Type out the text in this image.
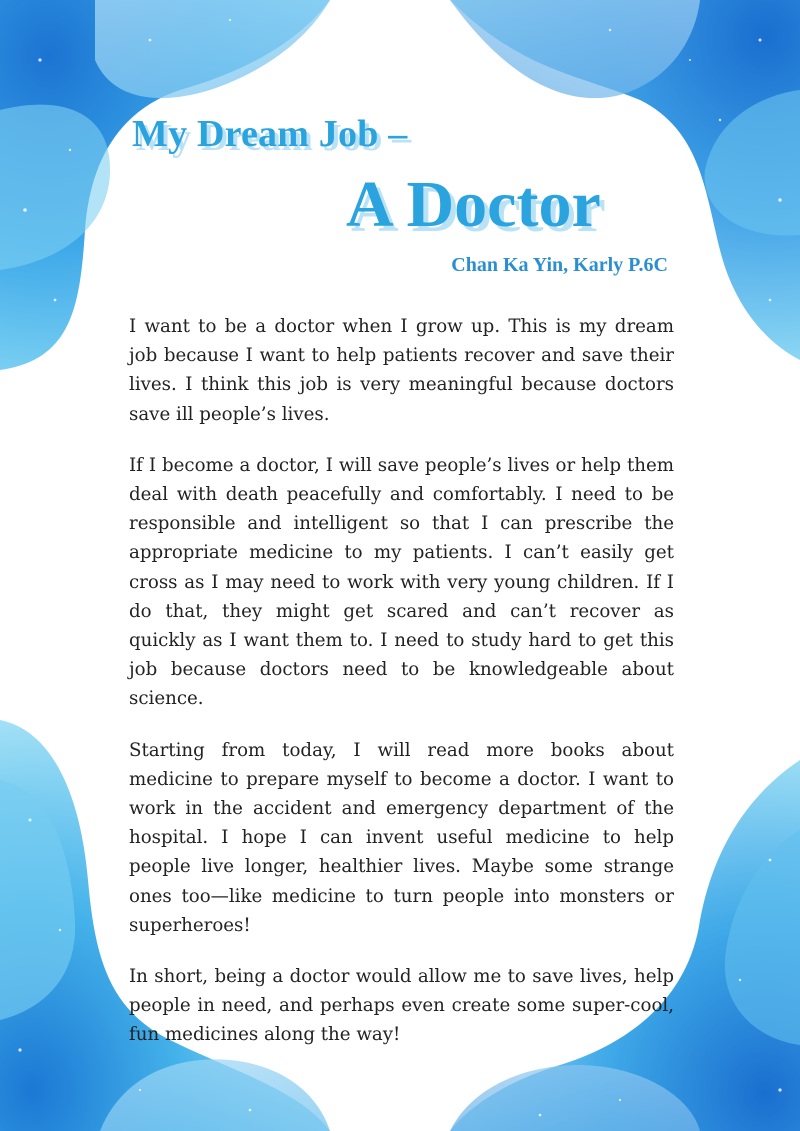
My Dream Job –
A Doctor
Chan Ka Yin, Karly P.6C

I want to be a doctor when I grow up. This is my dream job because I want to help patients recover and save their lives. I think this job is very meaningful because doctors save ill people’s lives.

If I become a doctor, I will save people’s lives or help them deal with death peacefully and comfortably. I need to be responsible and intelligent so that I can prescribe the appropriate medicine to my patients. I can’t easily get cross as I may need to work with very young children. If I do that, they might get scared and can’t recover as quickly as I want them to. I need to study hard to get this job because doctors need to be knowledgeable about science.

Starting from today, I will read more books about medicine to prepare myself to become a doctor. I want to work in the accident and emergency department of the hospital. I hope I can invent useful medicine to help people live longer, healthier lives. Maybe some strange ones too—like medicine to turn people into monsters or superheroes!

In short, being a doctor would allow me to save lives, help people in need, and perhaps even create some super-cool, fun medicines along the way!
